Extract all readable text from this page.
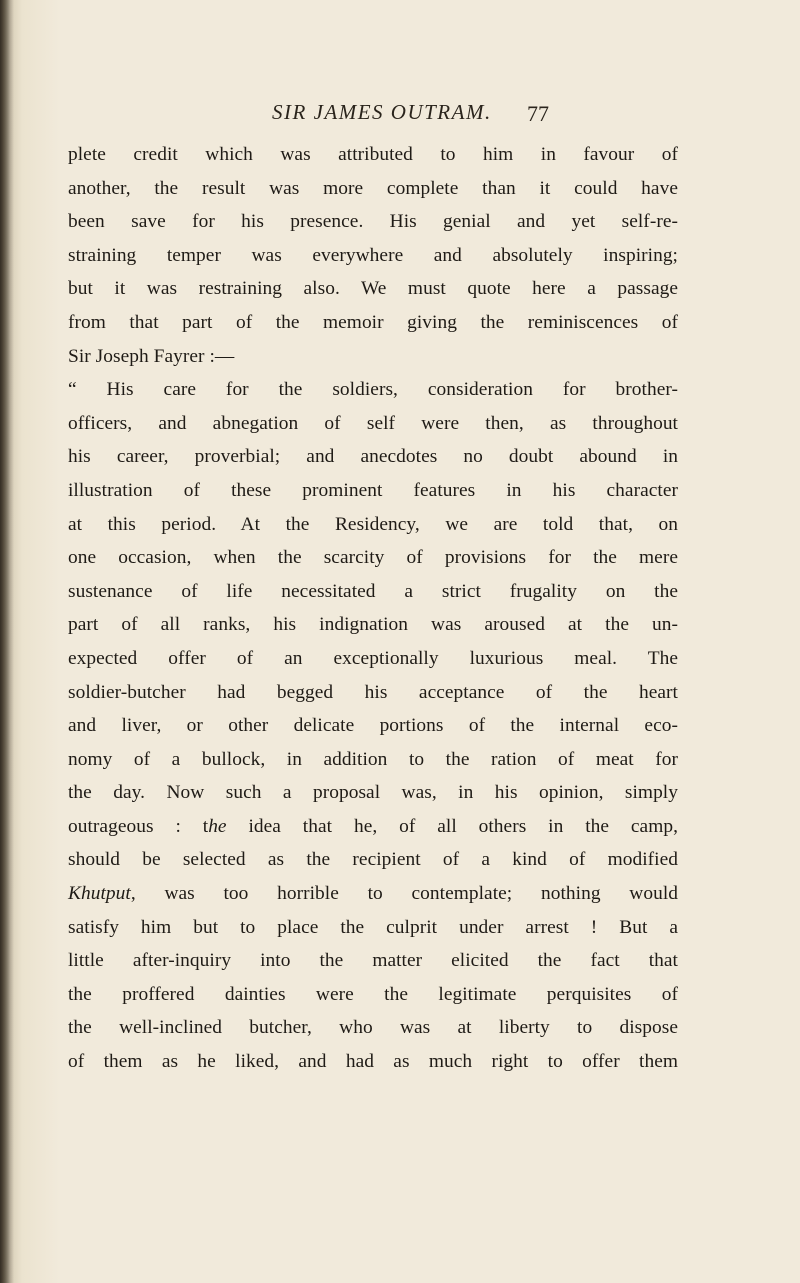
SIR JAMES OUTRAM. 77
plete credit which was attributed to him in favour of
another, the result was more complete than it could have
been save for his presence. His genial and yet self-re-
straining temper was everywhere and absolutely inspiring;
but it was restraining also. We must quote here a passage
from that part of the memoir giving the reminiscences of
Sir Joseph Fayrer :—
“ His care for the soldiers, consideration for brother-
officers, and abnegation of self were then, as throughout
his career, proverbial; and anecdotes no doubt abound in
illustration of these prominent features in his character
at this period. At the Residency, we are told that, on
one occasion, when the scarcity of provisions for the mere
sustenance of life necessitated a strict frugality on the
part of all ranks, his indignation was aroused at the un-
expected offer of an exceptionally luxurious meal. The
soldier-butcher had begged his acceptance of the heart
and liver, or other delicate portions of the internal eco-
nomy of a bullock, in addition to the ration of meat for
the day. Now such a proposal was, in his opinion, simply
outrageous : the idea that he, of all others in the camp,
should be selected as the recipient of a kind of modified
Khutput, was too horrible to contemplate; nothing would
satisfy him but to place the culprit under arrest ! But a
little after-inquiry into the matter elicited the fact that
the proffered dainties were the legitimate perquisites of
the well-inclined butcher, who was at liberty to dispose
of them as he liked, and had as much right to offer them
